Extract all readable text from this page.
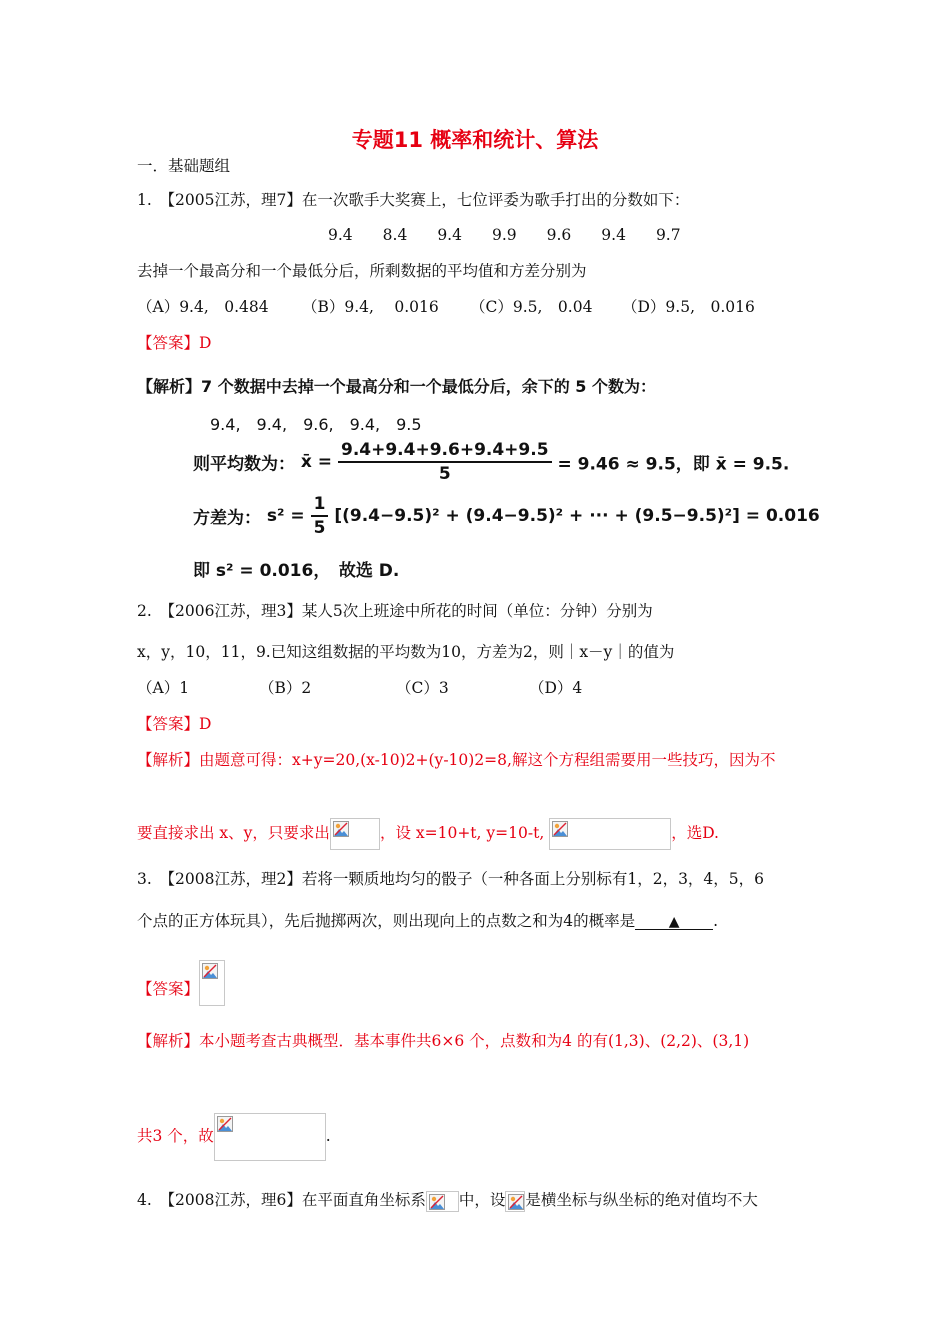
专题11 概率和统计、算法
一．基础题组
1.　【2005江苏，理7】在一次歌手大奖赛上，七位评委为歌手打出的分数如下：
9.4 8.4 9.4 9.9 9.6 9.4 9.7
去掉一个最高分和一个最低分后，所剩数据的平均值和方差分别为
（A）9.4,　0.484 （B）9.4,　 0.016 （C）9.5,　0.04 （D）9.5,　0.016
【答案】D
【解析】7 个数据中去掉一个最高分和一个最低分后，余下的 5 个数为：
9.4,　9.4,　9.6,　9.4,　9.5
则平均数为： x̄ = $\frac{9.4+9.4+9.6+9.4+9.5}{5} = 9.46 \approx 9.5$，即 x̄ = 9.5.
方差为： $s^2 = \frac{1}{5} [(9.4-9.5)^2 + (9.4-9.5)^2$ + ··· + (9.5−9.5)²] = 0.016
即 s² = 0.016，　故选 D.
2.　【2006江苏，理3】某人5次上班途中所花的时间（单位：分钟）分别为
x，y，10，11，9.已知这组数据的平均数为10，方差为2，则｜x－y｜的值为
（A）1	（B）2	（C）3	（D）4
【答案】D
【解析】由题意可得：x+y=20,(x-10)2+(y-10)2=8,解这个方程组需要用一些技巧，因为不
要直接求出 x、y，只要求出	，设 x=10+t, y=10-t,	，选D.
3.　【2008江苏，理2】若将一颗质地均匀的骰子（一种各面上分别标有1，2，3，4，5，6
个点的正方体玩具），先后抛掷两次，则出现向上的点数之和为4的概率是 ▲ .
【答案】
【解析】本小题考查古典概型．基本事件共6×6 个，点数和为4 的有(1,3)、(2,2)、(3,1)
共3 个，故	.
4.　【2008江苏，理6】在平面直角坐标系 中，设 是横坐标与纵坐标的绝对值均不大
